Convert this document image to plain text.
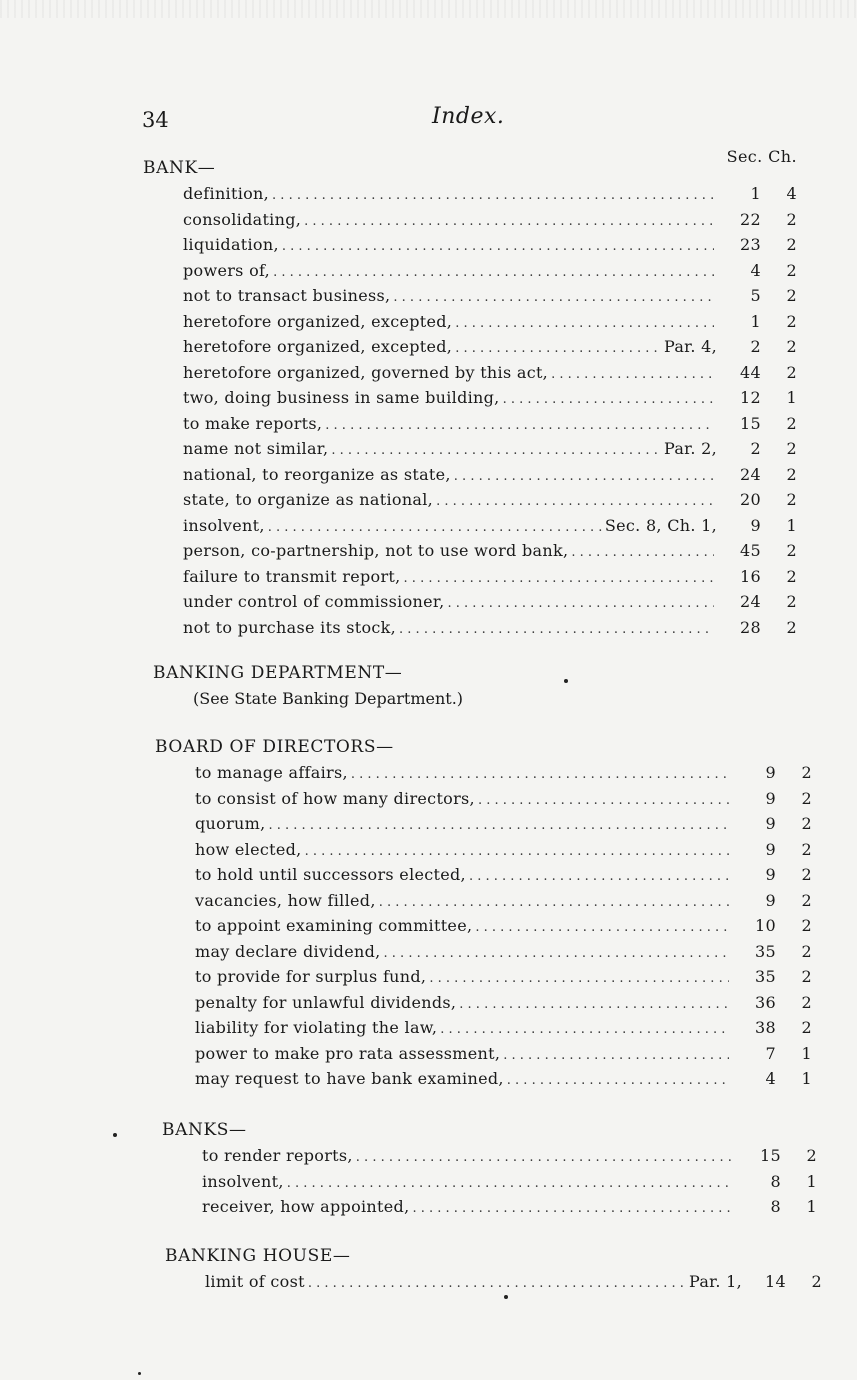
34	Index.
Sec. Ch.
BANK—
definition, . . .	1	4
consolidating, . . .	22	2
liquidation, . . .	23	2
powers of, . . .	4	2
not to transact business, . . .	5	2
heretofore organized, excepted, . . .	1	2
heretofore organized, excepted, . . .	Par. 4,	2	2
heretofore organized, governed by this act, . . .	44	2
two, doing business in same building, . . .	12	1
to make reports, . . .	15	2
name not similar, . . .	Par. 2,	2	2
national, to reorganize as state, . . .	24	2
state, to organize as national, . . .	20	2
insolvent, . . .	Sec. 8, Ch. 1,	9	1
person, co-partnership, not to use word bank, . . .	45	2
failure to transmit report, . . .	16	2
under control of commissioner, . . .	24	2
not to purchase its stock, . . .	28	2
BANKING DEPARTMENT—
(See State Banking Department.)
BOARD OF DIRECTORS—
to manage affairs, . . .	9	2
to consist of how many directors, . . .	9	2
quorum, . . .	9	2
how elected, . . .	9	2
to hold until successors elected, . . .	9	2
vacancies, how filled, . . .	9	2
to appoint examining committee, . . .	10	2
may declare dividend, . . .	35	2
to provide for surplus fund, . . .	35	2
penalty for unlawful dividends, . . .	36	2
liability for violating the law, . . .	38	2
power to make pro rata assessment, . . .	7	1
may request to have bank examined, . . .	4	1
BANKS—
to render reports, . . .	15	2
insolvent, . . .	8	1
receiver, how appointed, . . .	8	1
BANKING HOUSE—
limit of cost . . .	Par. 1,	14	2
